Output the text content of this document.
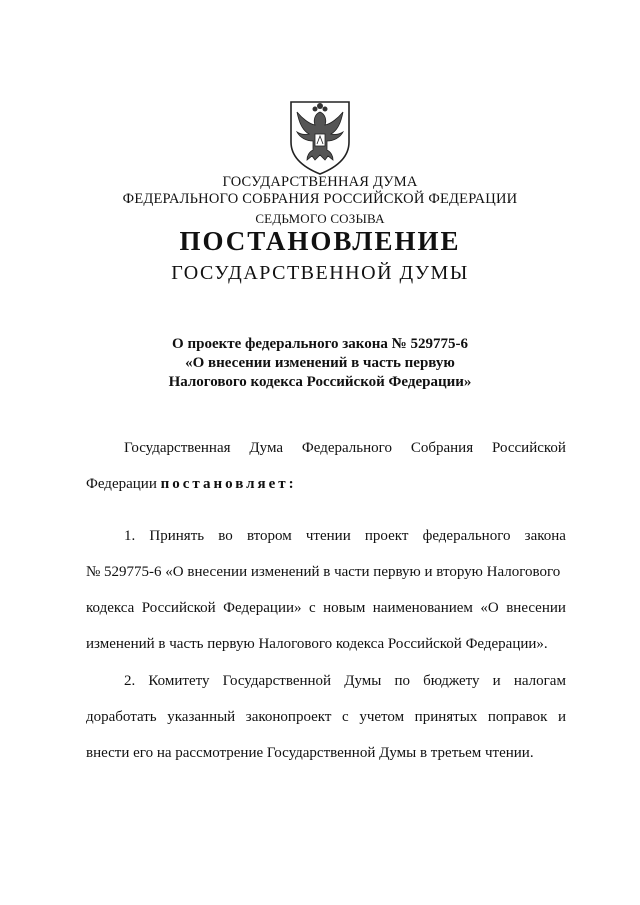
ГОСУДАРСТВЕННАЯ ДУМА
ФЕДЕРАЛЬНОГО СОБРАНИЯ РОССИЙСКОЙ ФЕДЕРАЦИИ
СЕДЬМОГО СОЗЫВА
ПОСТАНОВЛЕНИЕ
ГОСУДАРСТВЕННОЙ ДУМЫ
О проекте федерального закона № 529775-6
«О внесении изменений в часть первую
Налогового кодекса Российской Федерации»
Государственная Дума Федерального Собрания Российской
Федерации постановляет:
1. Принять во втором чтении проект федерального закона
№ 529775-6 «О внесении изменений в части первую и вторую Налогового
кодекса Российской Федерации» с новым наименованием «О внесении
изменений в часть первую Налогового кодекса Российской Федерации».
2. Комитету Государственной Думы по бюджету и налогам
доработать указанный законопроект с учетом принятых поправок и
внести его на рассмотрение Государственной Думы в третьем чтении.
